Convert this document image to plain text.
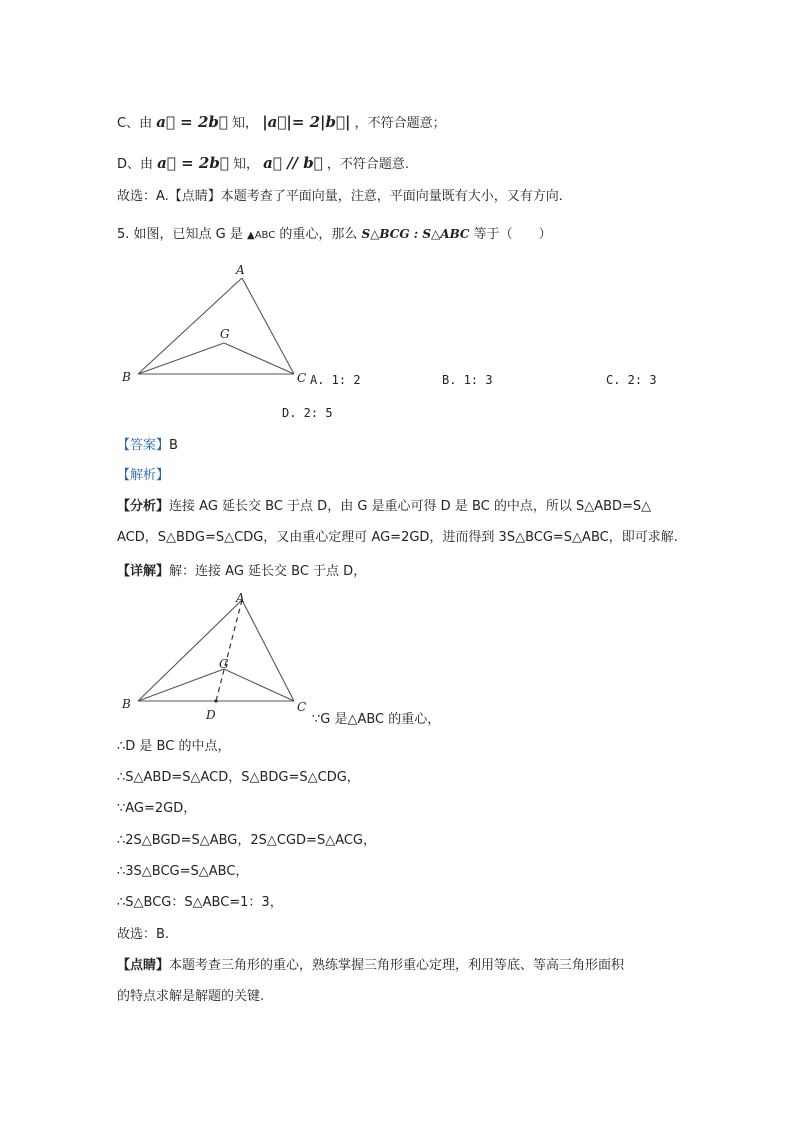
C、由 a⃗ = 2b⃗ 知， |a⃗|= 2|b⃗| ，不符合题意；
D、由 a⃗ = 2b⃗ 知， a⃗ // b⃗ ，不符合题意.
故选：A.【点睛】本题考查了平面向量，注意，平面向量既有大小，又有方向.
5. 如图，已知点 G 是 ▲ABC 的重心，那么 S△BCG : S△ABC 等于（　　）
A
B	C
G
A. 1: 2	B. 1: 3	C. 2: 3
D. 2: 5
【答案】B
【解析】
【分析】连接 AG 延长交 BC 于点 D，由 G 是重心可得 D 是 BC 的中点，所以 S△ABD=S△
ACD，S△BDG=S△CDG，又由重心定理可 AG=2GD，进而得到 3S△BCG=S△ABC，即可求解.
【详解】解：连接 AG 延长交 BC 于点 D，
A
B	C
G
D	∵G 是△ABC 的重心，
∴D 是 BC 的中点，
∴S△ABD=S△ACD，S△BDG=S△CDG，
∵AG=2GD，
∴2S△BGD=S△ABG，2S△CGD=S△ACG，
∴3S△BCG=S△ABC，
∴S△BCG：S△ABC=1：3，
故选：B.
【点睛】本题考查三角形的重心，熟练掌握三角形重心定理，利用等底、等高三角形面积
的特点求解是解题的关键.
